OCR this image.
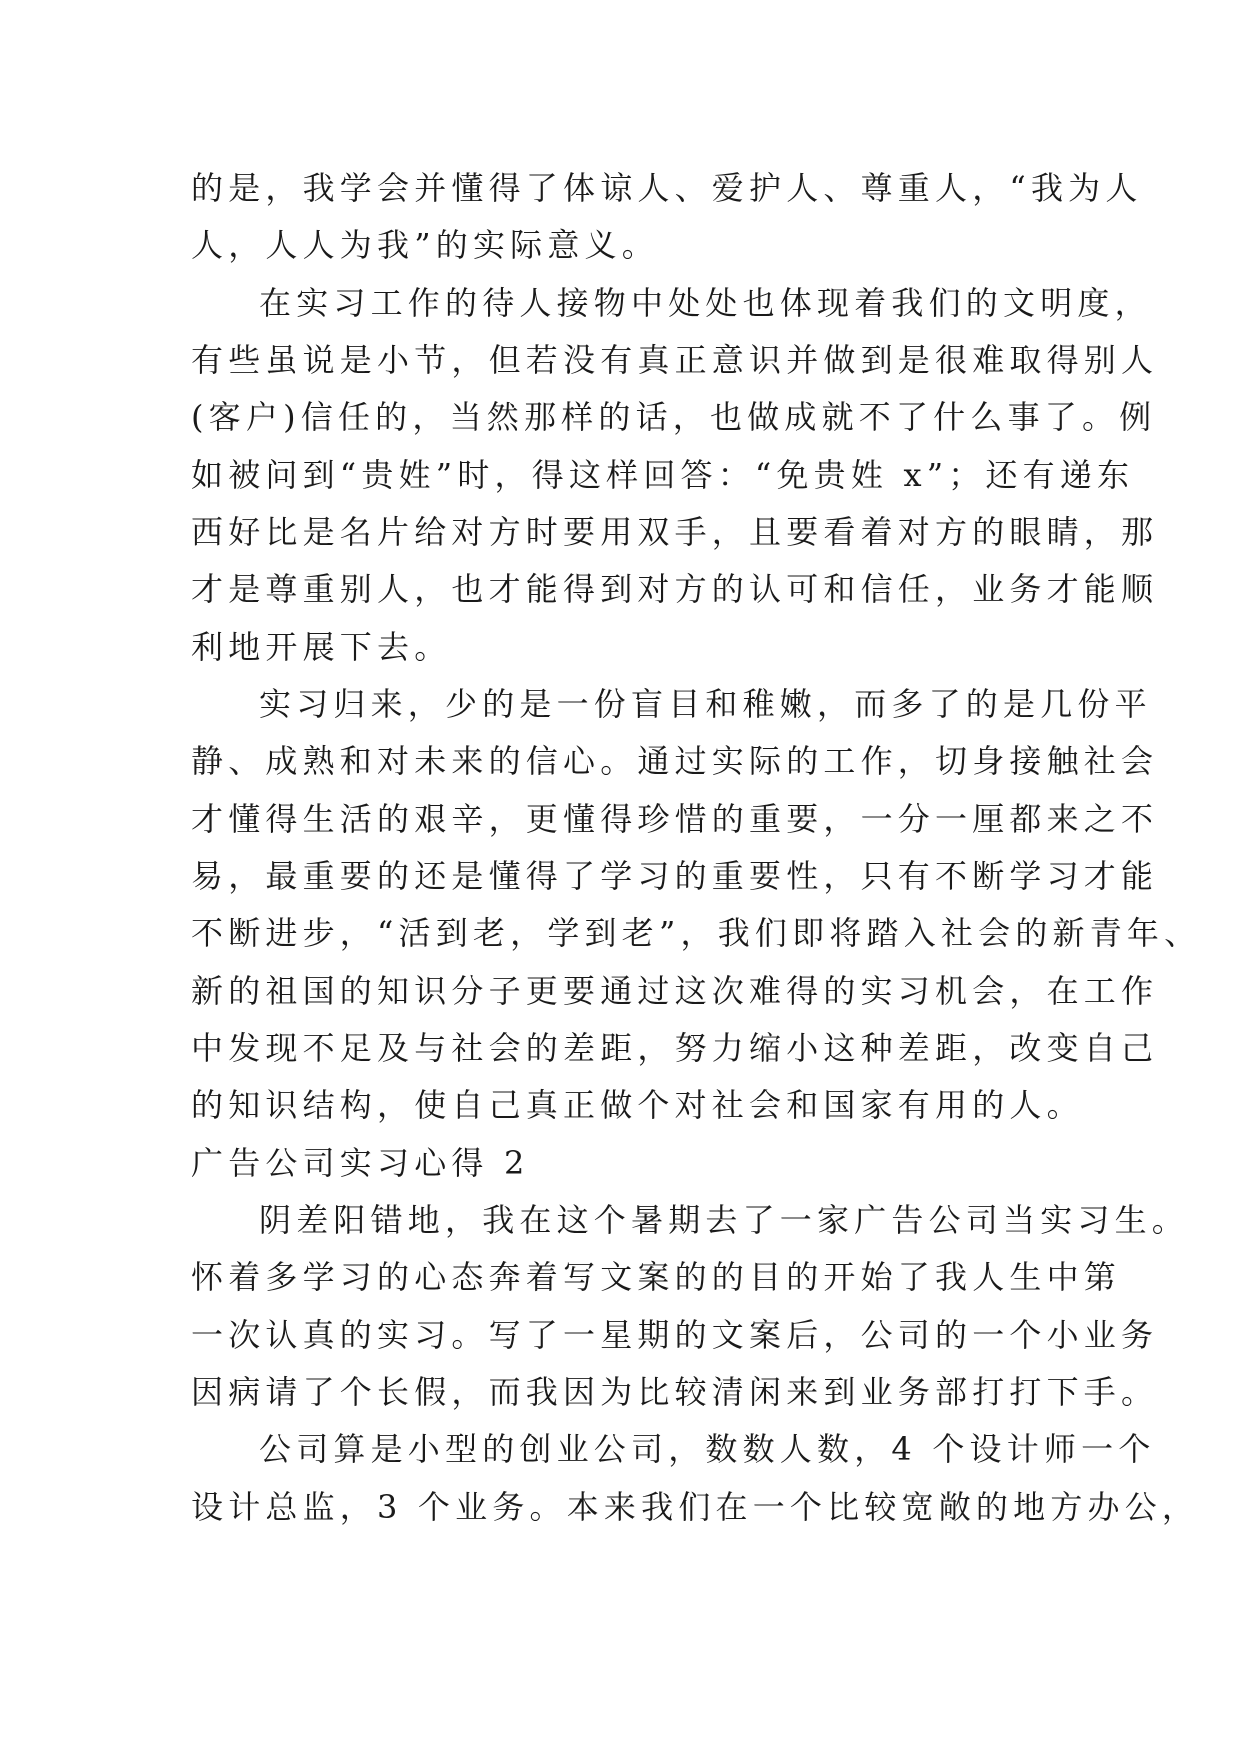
的是，我学会并懂得了体谅人、爱护人、尊重人，“我为人
人，人人为我”的实际意义。
在实习工作的待人接物中处处也体现着我们的文明度，
有些虽说是小节，但若没有真正意识并做到是很难取得别人
(客户)信任的，当然那样的话，也做成就不了什么事了。例
如被问到“贵姓”时，得这样回答：“免贵姓 x”；还有递东
西好比是名片给对方时要用双手，且要看着对方的眼睛，那
才是尊重别人，也才能得到对方的认可和信任，业务才能顺
利地开展下去。
实习归来，少的是一份盲目和稚嫩，而多了的是几份平
静、成熟和对未来的信心。通过实际的工作，切身接触社会
才懂得生活的艰辛，更懂得珍惜的重要，一分一厘都来之不
易，最重要的还是懂得了学习的重要性，只有不断学习才能
不断进步，“活到老，学到老”，我们即将踏入社会的新青年、
新的祖国的知识分子更要通过这次难得的实习机会，在工作
中发现不足及与社会的差距，努力缩小这种差距，改变自己
的知识结构，使自己真正做个对社会和国家有用的人。
广告公司实习心得 2
阴差阳错地，我在这个暑期去了一家广告公司当实习生。
怀着多学习的心态奔着写文案的的目的开始了我人生中第
一次认真的实习。写了一星期的文案后，公司的一个小业务
因病请了个长假，而我因为比较清闲来到业务部打打下手。
公司算是小型的创业公司，数数人数，4 个设计师一个
设计总监，3 个业务。本来我们在一个比较宽敞的地方办公，
